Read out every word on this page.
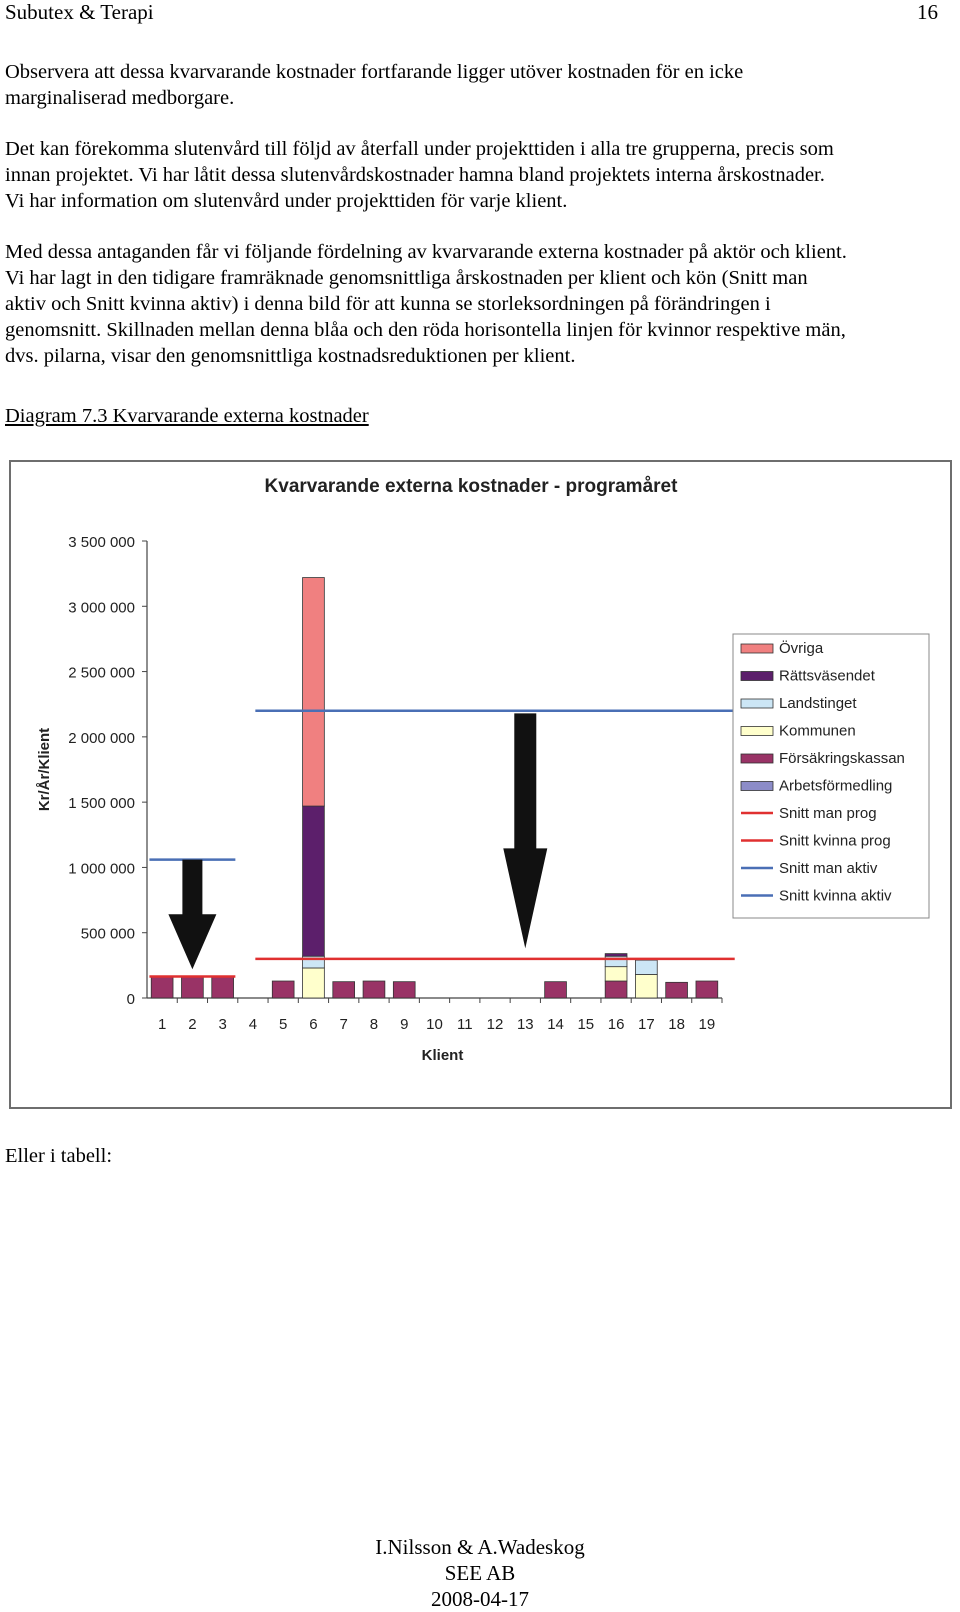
Subutex & Terapi	16

Observera att dessa kvarvarande kostnader fortfarande ligger utöver kostnaden för en icke
marginaliserad medborgare.

Det kan förekomma slutenvård till följd av återfall under projekttiden i alla tre grupperna, precis som
innan projektet. Vi har låtit dessa slutenvårdskostnader hamna bland projektets interna årskostnader.
Vi har information om slutenvård under projekttiden för varje klient.

Med dessa antaganden får vi följande fördelning av kvarvarande externa kostnader på aktör och klient.
Vi har lagt in den tidigare framräknade genomsnittliga årskostnaden per klient och kön (Snitt man
aktiv och Snitt kvinna aktiv) i denna bild för att kunna se storleksordningen på förändringen i
genomsnitt. Skillnaden mellan denna blåa och den röda horisontella linjen för kvinnor respektive män,
dvs. pilarna, visar den genomsnittliga kostnadsreduktionen per klient.

Diagram 7.3 Kvarvarande externa kostnader
Kvarvarande externa kostnader - programåret
0
500 000
1 000 000
1 500 000
2 000 000
2 500 000
3 000 000
3 500 000
Kr/År/Klient
1 2 3 4 5 6 7 8 9 10 11 12 13 14 15 16 17 18 19
Klient
Övriga
Rättsväsendet
Landstinget
Kommunen
Försäkringskassan
Arbetsförmedling
Snitt man prog
Snitt kvinna prog
Snitt man aktiv
Snitt kvinna aktiv
Eller i tabell:
I.Nilsson & A.Wadeskog
SEE AB
2008-04-17
